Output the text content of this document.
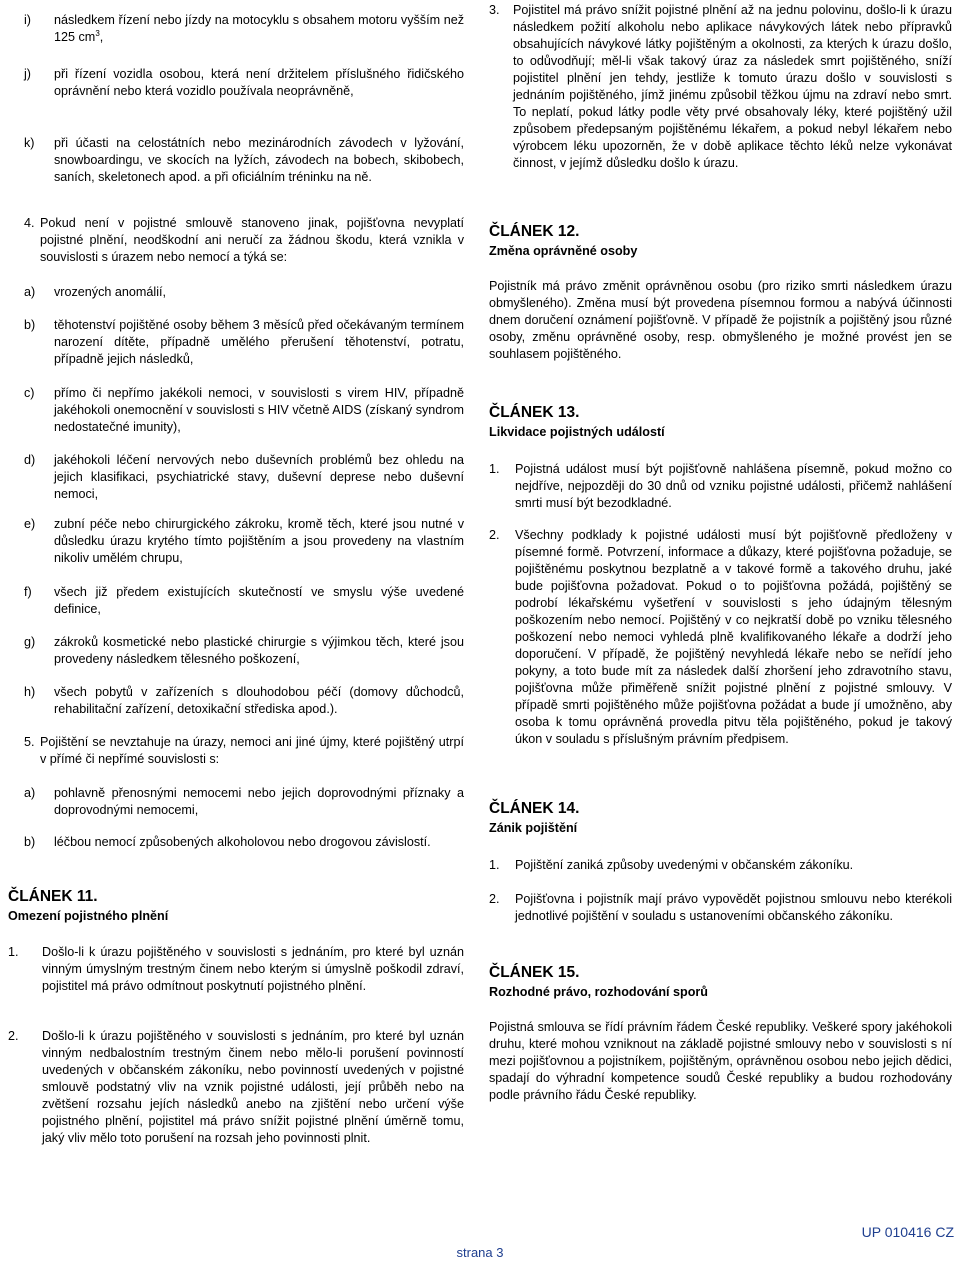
i)	následkem řízení nebo jízdy na motocyklu s obsahem motoru vyšším než 125 $cm^3$,
j)	při řízení vozidla osobou, která není držitelem příslušného řidičského oprávnění nebo která vozidlo používala neoprávněně,
k)	při účasti na celostátních nebo mezinárodních závodech v lyžování, snowboardingu, ve skocích na lyžích, závodech na bobech, skibobech, saních, skeletonech apod. a při oficiálním tréninku na ně.
4. Pokud není v pojistné smlouvě stanoveno jinak, pojišťovna nevyplatí pojistné plnění, neodškodní ani neručí za žádnou škodu, která vznikla v souvislosti s úrazem nebo nemocí a týká se:
a)	vrozených anomálií,
b)	těhotenství pojištěné osoby během 3 měsíců před očekávaným termínem narození dítěte, případně umělého přerušení těhotenství, potratu, případně jejich následků,
c)	přímo či nepřímo jakékoli nemoci, v souvislosti s virem HIV, případně jakéhokoli onemocnění v souvislosti s HIV včetně AIDS (získaný syndrom nedostatečné imunity),
d)	jakéhokoli léčení nervových nebo duševních problémů bez ohledu na jejich klasifikaci, psychiatrické stavy, duševní deprese nebo duševní nemoci,
e)	zubní péče nebo chirurgického zákroku, kromě těch, které jsou nutné v důsledku úrazu krytého tímto pojištěním a jsou provedeny na vlastním nikoliv umělém chrupu,
f)	všech již předem existujících skutečností ve smyslu výše uvedené definice,
g)	zákroků kosmetické nebo plastické chirurgie s výjimkou těch, které jsou provedeny následkem tělesného poškození,
h)	všech pobytů v zařízeních s dlouhodobou péčí (domovy důchodců, rehabilitační zařízení, detoxikační střediska apod.).
5. Pojištění se nevztahuje na úrazy, nemoci ani jiné újmy, které pojištěný utrpí v přímé či nepřímé souvislosti s:
a)	pohlavně přenosnými nemocemi nebo jejich doprovodnými příznaky a doprovodnými nemocemi,
b)	léčbou nemocí způsobených alkoholovou nebo drogovou závislostí.
ČLÁNEK 11.
Omezení pojistného plnění
1.	Došlo-li k úrazu pojištěného v souvislosti s jednáním, pro které byl uznán vinným úmyslným trestným činem nebo kterým si úmyslně poškodil zdraví, pojistitel má právo odmítnout poskytnutí pojistného plnění.
2.	Došlo-li k úrazu pojištěného v souvislosti s jednáním, pro které byl uznán vinným nedbalostním trestným činem nebo mělo-li porušení povinností uvedených v občanském zákoníku, nebo povinností uvedených v pojistné smlouvě podstatný vliv na vznik pojistné události, její průběh nebo na zvětšení rozsahu jejích následků anebo na zjištění nebo určení výše pojistného plnění, pojistitel má právo snížit pojistné plnění úměrně tomu, jaký vliv mělo toto porušení na rozsah jeho povinnosti plnit.
3.	Pojistitel má právo snížit pojistné plnění až na jednu polovinu, došlo-li k úrazu následkem požití alkoholu nebo aplikace návykových látek nebo přípravků obsahujících návykové látky pojištěným a okolnosti, za kterých k úrazu došlo, to odůvodňují; měl-li však takový úraz za následek smrt pojištěného, sníží pojistitel plnění jen tehdy, jestliže k tomuto úrazu došlo v souvislosti s jednáním pojištěného, jímž jinému způsobil těžkou újmu na zdraví nebo smrt. To neplatí, pokud látky podle věty prvé obsahovaly léky, které pojištěný užil způsobem předepsaným pojištěnému lékařem, a pokud nebyl lékařem nebo výrobcem léku upozorněn, že v době aplikace těchto léků nelze vykonávat činnost, v jejímž důsledku došlo k úrazu.
ČLÁNEK 12.
Změna oprávněné osoby

Pojistník má právo změnit oprávněnou osobu (pro riziko smrti následkem úrazu obmyšleného). Změna musí být provedena písemnou formou a nabývá účinnosti dnem doručení oznámení pojišťovně. V případě že pojistník a pojištěný jsou různé osoby, změnu oprávněné osoby, resp. obmyšleného je možné provést jen se souhlasem pojištěného.

ČLÁNEK 13.
Likvidace pojistných událostí
1.	Pojistná událost musí být pojišťovně nahlášena písemně, pokud možno co nejdříve, nejpozději do 30 dnů od vzniku pojistné události, přičemž nahlášení smrti musí být bezodkladné.
2.	Všechny podklady k pojistné události musí být pojišťovně předloženy v písemné formě. Potvrzení, informace a důkazy, které pojišťovna požaduje, se pojištěnému poskytnou bezplatně a v takové formě a takového druhu, jaké bude pojišťovna požadovat. Pokud o to pojišťovna požádá, pojištěný se podrobí lékařskému vyšetření v souvislosti s jeho údajným tělesným poškozením nebo nemocí. Pojištěný v co nejkratší době po vzniku tělesného poškození nebo nemoci vyhledá plně kvalifikovaného lékaře a dodrží jeho doporučení. V případě, že pojištěný nevyhledá lékaře nebo se neřídí jeho pokyny, a toto bude mít za následek další zhoršení jeho zdravotního stavu, pojišťovna může přiměřeně snížit pojistné plnění z pojistné smlouvy. V případě smrti pojištěného může pojišťovna požádat a bude jí umožněno, aby osoba k tomu oprávněná provedla pitvu těla pojištěného, pokud je takový úkon v souladu s příslušným právním předpisem.
ČLÁNEK 14.
Zánik pojištění
1.	Pojištění zaniká způsoby uvedenými v občanském zákoníku.
2.	Pojišťovna i pojistník mají právo vypovědět pojistnou smlouvu nebo kterékoli jednotlivé pojištění v souladu s ustanoveními občanského zákoníku.
ČLÁNEK 15.
Rozhodné právo, rozhodování sporů

Pojistná smlouva se řídí právním řádem České republiky. Veškeré spory jakéhokoli druhu, které mohou vzniknout na základě pojistné smlouvy nebo v souvislosti s ní mezi pojišťovnou a pojistníkem, pojištěným, oprávněnou osobou nebo jejich dědici, spadají do výhradní kompetence soudů České republiky a budou rozhodovány podle právního řádu České republiky.

UP 010416 CZ
strana 3
